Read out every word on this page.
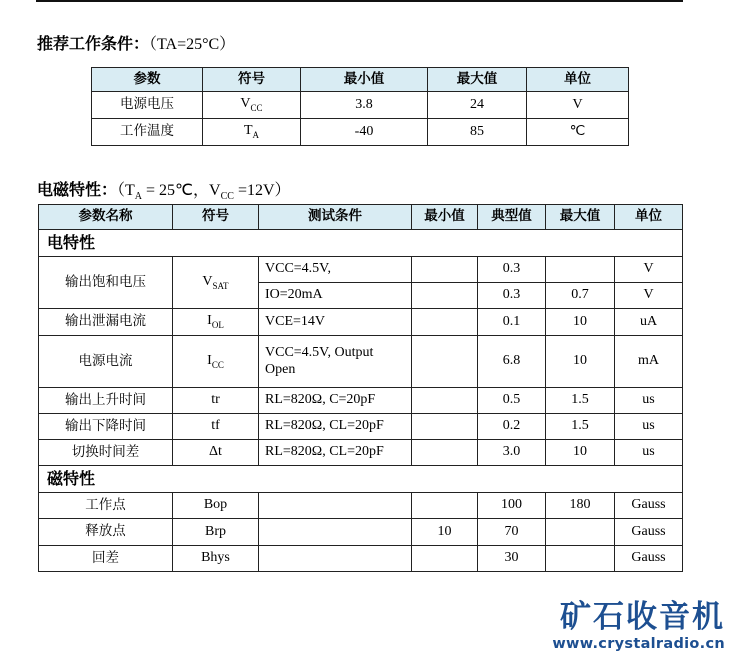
推荐工作条件：（TA=25°C）
参数	符号	最小值	最大值	单位
电源电压	$V_{CC}$	3.8	24	V
工作温度	$T_A$	-40	85	℃
电磁特性：（$T_A$ = 25℃，$V_{CC} =12V$）
参数名称	符号	测试条件	最小值	典型值	最大值	单位
电特性						
输出饱和电压	$V_{SAT}$	VCC=4.5V,		0.3		V
		IO=20mA		0.3	0.7	V
输出泄漏电流	$I_{OL}$	VCE=14V		0.1	10	uA
电源电流	$I_{CC}$	VCC=4.5V, Output Open		6.8	10	mA
输出上升时间	tr	RL=820Ω, C=20pF		0.5	1.5	us
输出下降时间	tf	RL=820Ω, CL=20pF		0.2	1.5	us
切换时间差	Δt	RL=820Ω, CL=20pF		3.0	10	us
磁特性						
工作点	Bop			100	180	Gauss
释放点	Brp		10	70		Gauss
回差	Bhys			30		Gauss
矿石收音机
www.crystalradio.cn
